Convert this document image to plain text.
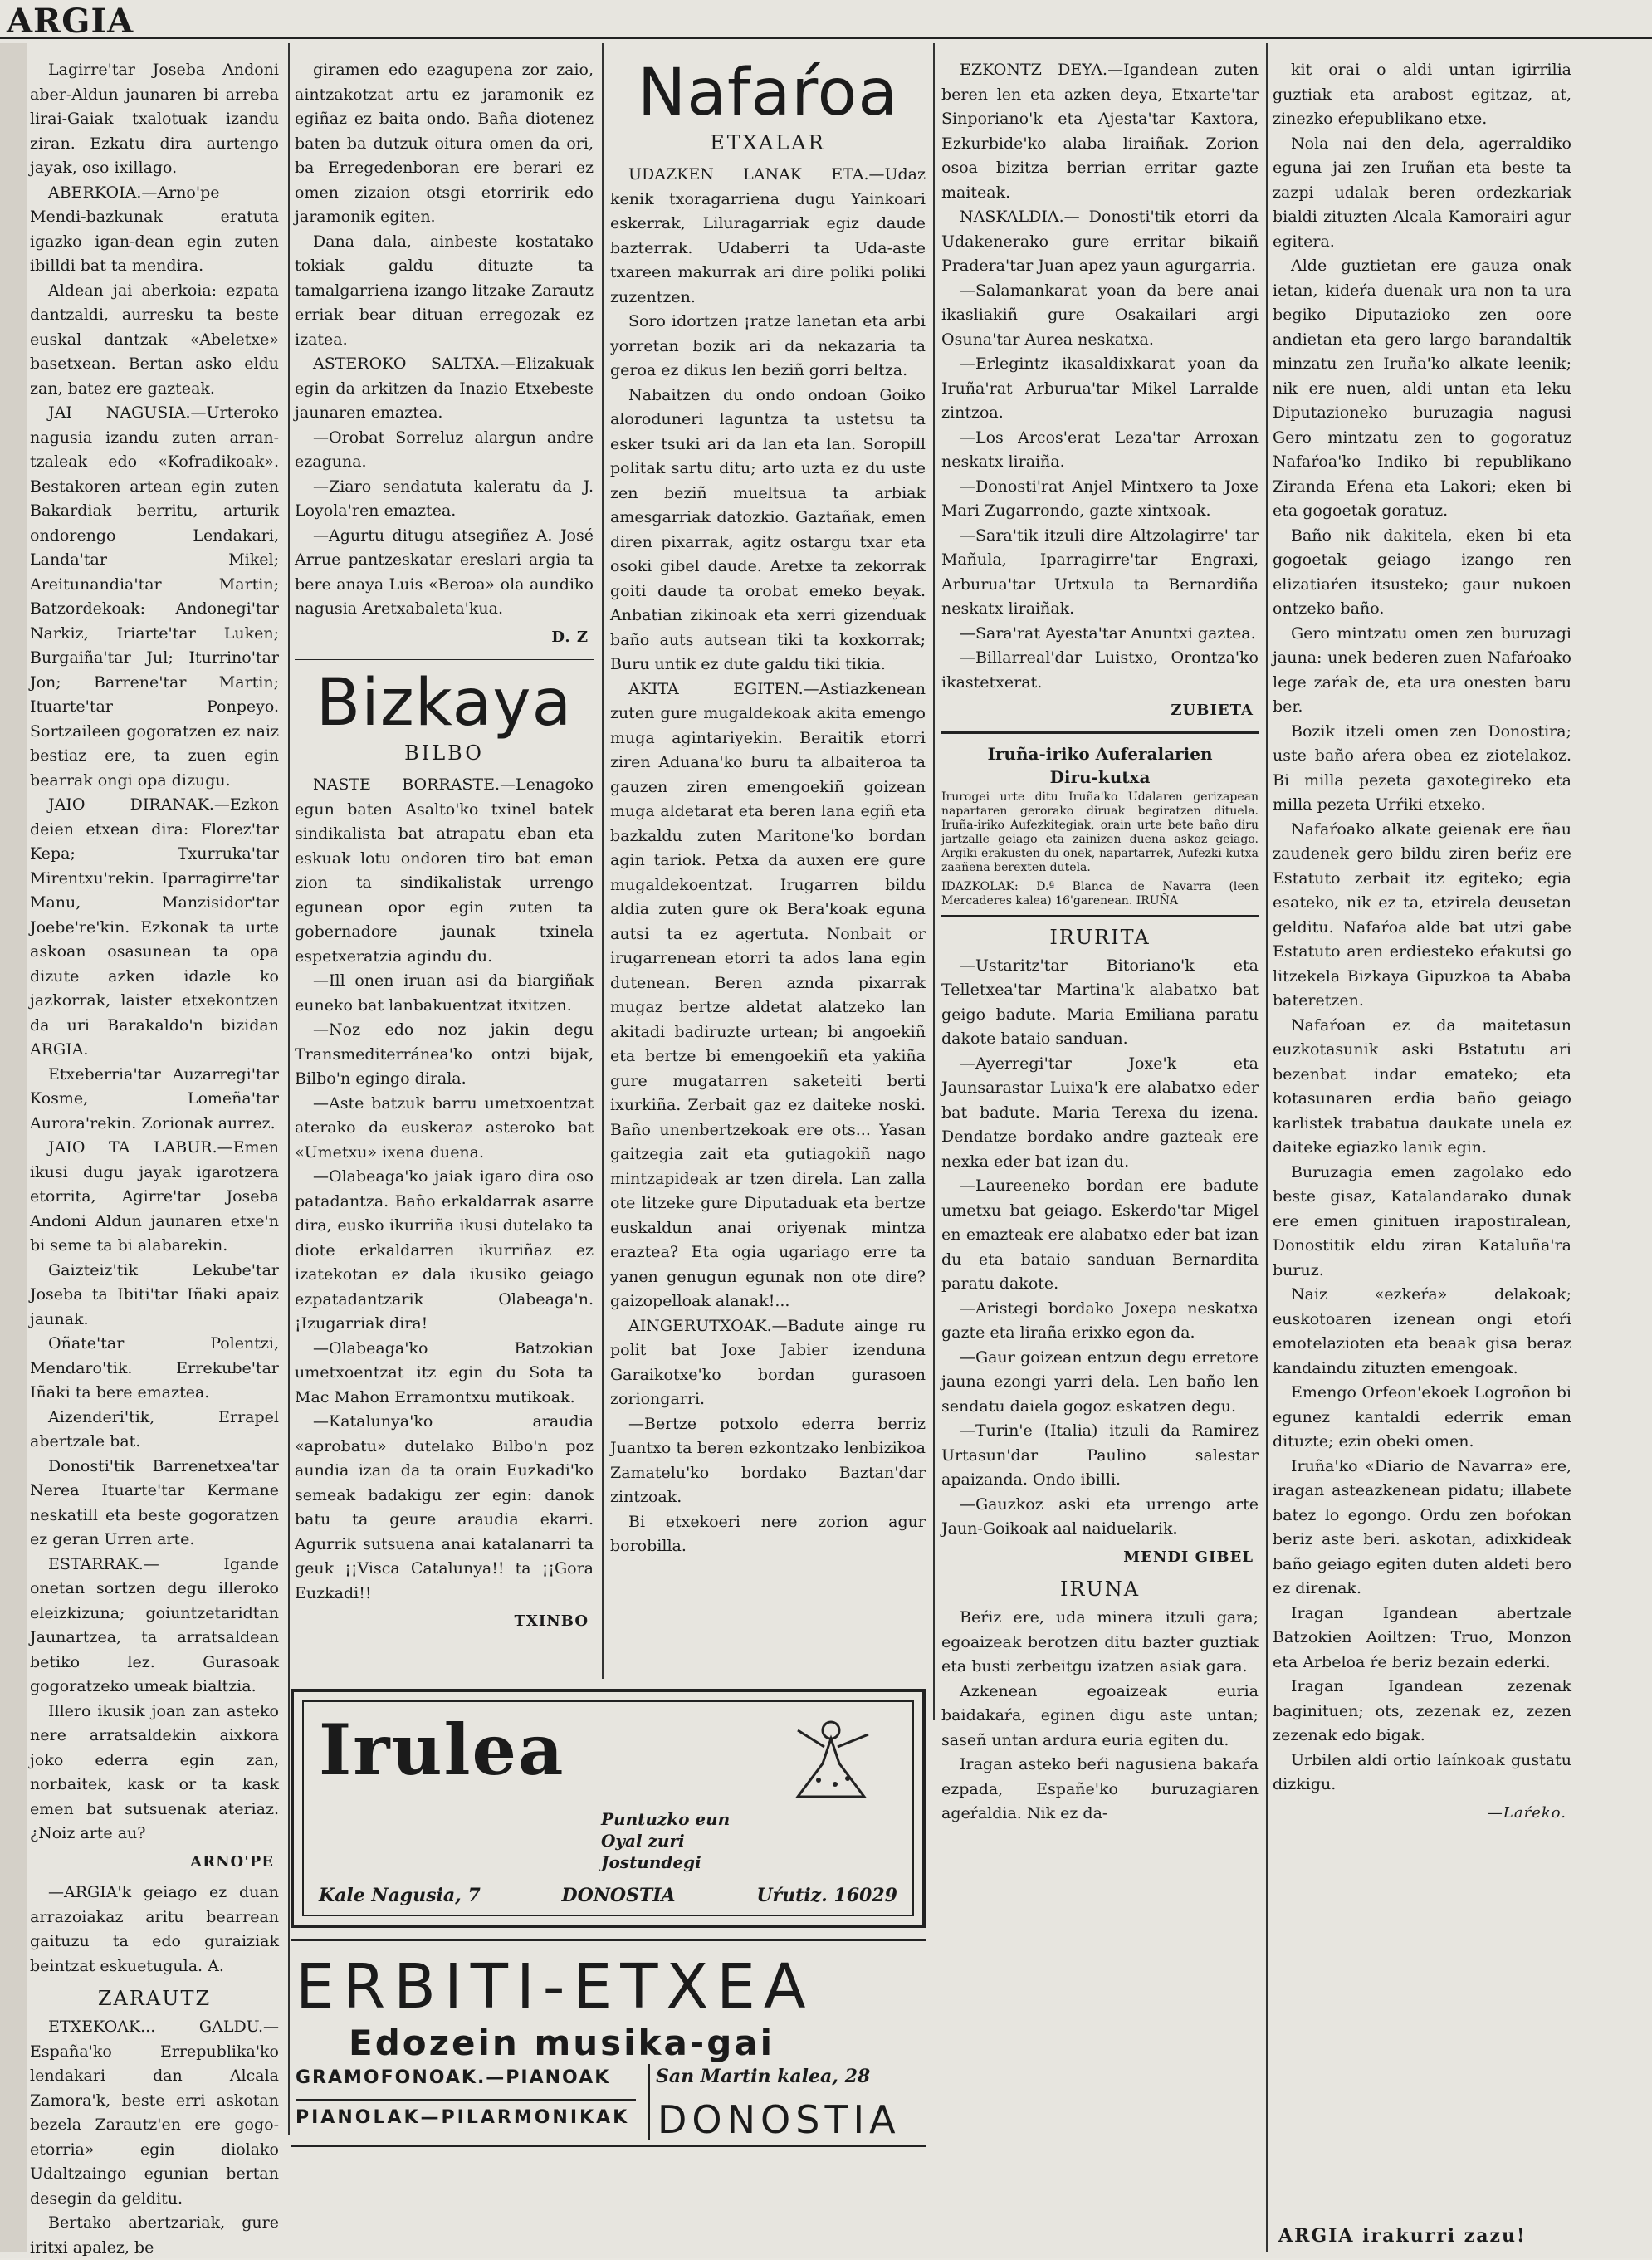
ARGIA

Lagirre'tar Joseba Andoni aber-Aldun jaunaren bi arreba lirai-Gaiak txalotuak izandu ziran. Ezkatu dira aurtengo jayak, oso ixillago.

ABERKOIA.—Arno'pe Mendi-bazkunak eratuta igazko igan-dean egin zuten ibilldi bat ta mendira.

Aldean jai aberkoia: ezpata dantzaldi, aurresku ta beste euskal dantzak «Abeletxe» basetxean. Bertan asko eldu zan, batez ere gazteak.

JAI NAGUSIA.—Urteroko nagusia izandu zuten arran-tzaleak edo «Kofradikoak». Bestakoren artean egin zuten Bakardiak berritu, arturik ondorengo Lendakari, Landa'tar Mikel; Areitunandia'tar Martin; Batzordekoak: Andonegi'tar Narkiz, Iriarte'tar Luken; Burgaiña'tar Jul; Iturrino'tar Jon; Barrene'tar Martin; Ituarte'tar Ponpeyo. Sortzaileen gogoratzen ez naiz bestiaz ere, ta zuen egin bearrak ongi opa dizugu.

JAIO DIRANAK.—Ezkon deien etxean dira: Florez'tar Kepa; Txurruka'tar Mirentxu'rekin. Iparragirre'tar Manu, Manzisidor'tar Joebe're'kin. Ezkonak ta urte askoan osasunean ta opa dizute azken idazle ko jazkorrak, laister etxekontzen da uri Barakaldo'n bizidan ARGIA.

Etxeberria'tar Auzarregi'tar Kosme, Lomeña'tar Aurora'rekin. Zorionak aurrez.

JAIO TA LABUR.—Emen ikusi dugu jayak igarotzera etorrita, Agirre'tar Joseba Andoni Aldun jaunaren etxe'n bi seme ta bi alabarekin.

Gaizteiz'tik Lekube'tar Joseba ta Ibiti'tar Iñaki apaiz jaunak.

Oñate'tar Polentzi, Mendaro'tik. Errekube'tar Iñaki ta bere emaztea.

Aizenderi'tik, Errapel abertzale bat.

Donosti'tik Barrenetxea'tar Nerea Ituarte'tar Kermane neskatill eta beste gogoratzen ez geran Urren arte.

ESTARRAK.— Igande onetan sortzen degu illeroko eleizkizuna; goiuntzetaridtan Jaunartzea, ta arratsaldean betiko lez. Gurasoak gogoratzeko umeak bialtzia.

Illero ikusik joan zan asteko nere arratsaldekin aixkora joko ederra egin zan, norbaitek, kask or ta kask emen bat sutsuenak ateriaz. ¿Noiz arte au?

ARNO'PE

—ARGIA'k geiago ez duan arrazoiakaz aritu bearrean gaituzu ta edo guraiziak beintzat eskuetugula. A.

ZARAUTZ

ETXEKOAK... GALDU.— España'ko Errepublika'ko lendakari dan Alcala Zamora'k, beste erri askotan bezela Zarautz'en ere gogo-etorria» egin diolako Udaltzaingo egunian bertan desegin da gelditu.

Bertako abertzariak, gure iritxi apalez, be

giramen edo ezagupena zor zaio, aintzakotzat artu ez jaramonik ez egiñaz ez baita ondo. Baña diotenez baten ba dutzuk oitura omen da ori, ba Erregedenboran ere berari ez omen zizaion otsgi etorririk edo jaramonik egiten.

Dana dala, ainbeste kostatako tokiak galdu dituzte ta tamalgarriena izango litzake Zarautz erriak bear dituan erregozak ez izatea.

ASTEROKO SALTXA.—Elizakuak egin da arkitzen da Inazio Etxebeste jaunaren emaztea.

—Orobat Sorreluz alargun andre ezaguna.

—Ziaro sendatuta kaleratu da J. Loyola'ren emaztea.

—Agurtu ditugu atsegiñez A. José Arrue pantzeskatar ereslari argia ta bere anaya Luis «Beroa» ola aundiko nagusia Aretxabaleta'kua.

D. Z

Bizkaya
BILBO

NASTE BORRASTE.—Lenagoko egun baten Asalto'ko txinel batek sindikalista bat atrapatu eban eta eskuak lotu ondoren tiro bat eman zion ta sindikalistak urrengo egunean opor egin zuten ta gobernadore jaunak txinela espetxeratzia agindu du.

—Ill onen iruan asi da biargiñak euneko bat lanbakuentzat itxitzen.

—Noz edo noz jakin degu Transmediterránea'ko ontzi bijak, Bilbo'n egingo dirala.

—Aste batzuk barru umetxoentzat aterako da euskeraz asteroko bat «Umetxu» ixena duena.

—Olabeaga'ko jaiak igaro dira oso patadantza. Baño erkaldarrak asarre dira, eusko ikurriña ikusi dutelako ta diote erkaldarren ikurriñaz ez izatekotan ez dala ikusiko geiago ezpatadantzarik Olabeaga'n. ¡Izugarriak dira!

—Olabeaga'ko Batzokian umetxoentzat itz egin du Sota ta Mac Mahon Erramontxu mutikoak.

—Katalunya'ko araudia «aprobatu» dutelako Bilbo'n poz aundia izan da ta orain Euzkadi'ko semeak badakigu zer egin: danok batu ta geure araudia ekarri. Agurrik sutsuena anai katalanarri ta geuk ¡¡Visca Catalunya!! ta ¡¡Gora Euzkadi!!

TXINBO

Nafaŕoa
ETXALAR

UDAZKEN LANAK ETA.—Udaz kenik txoragarriena dugu Yainkoari eskerrak, Liluragarriak egiz daude bazterrak. Udaberri ta Uda-aste txareen makurrak ari dire poliki poliki zuzentzen.

Soro idortzen ¡ratze lanetan eta arbi yorretan bozik ari da nekazaria ta geroa ez dikus len beziñ gorri beltza.

Nabaitzen du ondo ondoan Goiko aloroduneri laguntza ta ustetsu ta esker tsuki ari da lan eta lan. Soropill politak sartu ditu; arto uzta ez du uste zen beziñ mueltsua ta arbiak amesgarriak datozkio. Gaztañak, emen diren pixarrak, agitz ostargu txar eta osoki gibel daude. Aretxe ta zekorrak goiti daude ta orobat emeko beyak. Anbatian zikinoak eta xerri gizenduak baño auts autsean tiki ta koxkorrak; Buru untik ez dute galdu tiki tikia.

AKITA EGITEN.—Astiazkenean zuten gure mugaldekoak akita emengo muga agintariyekin. Beraitik etorri ziren Aduana'ko buru ta albaiteroa ta gauzen ziren emengoekiñ goizean muga aldetarat eta beren lana egiñ eta bazkaldu zuten Maritone'ko bordan agin tariok. Petxa da auxen ere gure mugaldekoentzat. Irugarren bildu aldia zuten gure ok Bera'koak eguna autsi ta ez agertuta. Nonbait or irugarrenean etorri ta ados lana egin dutenean. Beren aznda pixarrak mugaz bertze aldetat alatzeko lan akitadi badiruzte urtean; bi angoekiñ eta bertze bi emengoekiñ eta yakiña gure mugatarren saketeiti berti ixurkiña. Zerbait gaz ez daiteke noski. Baño unenbertzekoak ere ots... Yasan gaitzegia zait eta gutiagokiñ nago mintzapideak ar tzen direla. Lan zalla ote litzeke gure Diputaduak eta bertze euskaldun anai oriyenak mintza eraztea? Eta ogia ugariago erre ta yanen genugun egunak non ote dire? gaizopelloak alanak!...

AINGERUTXOAK.—Badute ainge ru polit bat Joxe Jabier izenduna Garaikotxe'ko bordan gurasoen zoriongarri.

—Bertze potxolo ederra berriz Juantxo ta beren ezkontzako lenbizikoa Zamatelu'ko bordako Baztan'dar zintzoak.

Bi etxekoeri nere zorion agur borobilla.

EZKONTZ DEYA.—Igandean zuten beren len eta azken deya, Etxarte'tar Sinporiano'k eta Ajesta'tar Kaxtora, Ezkurbide'ko alaba liraiñak. Zorion osoa bizitza berrian erritar gazte maiteak.

NASKALDIA.— Donosti'tik etorri da Udakenerako gure erritar bikaiñ Pradera'tar Juan apez yaun agurgarria.

—Salamankarat yoan da bere anai ikasliakiñ gure Osakailari argi Osuna'tar Aurea neskatxa.

—Erlegintz ikasaldixkarat yoan da Iruña'rat Arburua'tar Mikel Larralde zintzoa.

—Los Arcos'erat Leza'tar Arroxan neskatx liraiña.

—Donosti'rat Anjel Mintxero ta Joxe Mari Zugarrondo, gazte xintxoak.

—Sara'tik itzuli dire Altzolagirre' tar Mañula, Iparragirre'tar Engraxi, Arburua'tar Urtxula ta Bernardiña neskatx liraiñak.

—Sara'rat Ayesta'tar Anuntxi gaztea.

—Billarreal'dar Luistxo, Orontza'ko ikastetxerat.

ZUBIETA

Iruña-iriko Auferalarien
Diru-kutxa

Irurogei urte ditu Iruña'ko Udalaren gerizapean napartaren gerorako diruak begiratzen dituela. Iruña-iriko Aufezkitegiak, orain urte bete baño diru jartzalle geiago eta zainizen duena askoz geiago. Argiki erakusten du onek, napartarrek, Aufezki-kutxa zaañena berexten dutela.

IDAZKOLAK: D.ª Blanca de Navarra (leen Mercaderes kalea) 16'garenean. IRUÑA

IRURITA

—Ustaritz'tar Bitoriano'k eta Telletxea'tar Martina'k alabatxo bat geigo badute. Maria Emiliana paratu dakote bataio sanduan.

—Ayerregi'tar Joxe'k eta Jaunsarastar Luixa'k ere alabatxo eder bat badute. Maria Terexa du izena. Dendatze bordako andre gazteak ere nexka eder bat izan du.

—Laureeneko bordan ere badute umetxu bat geiago. Eskerdo'tar Migel en emazteak ere alabatxo eder bat izan du eta bataio sanduan Bernardita paratu dakote.

—Aristegi bordako Joxepa neskatxa gazte eta liraña erixko egon da.

—Gaur goizean entzun degu erretore jauna ezongi yarri dela. Len baño len sendatu daiela gogoz eskatzen degu.

—Turin'e (Italia) itzuli da Ramirez Urtasun'dar Paulino salestar apaizanda. Ondo ibilli.

—Gauzkoz aski eta urrengo arte Jaun-Goikoak aal naiduelarik.

MENDI GIBEL

IRUNA

Beŕiz ere, uda minera itzuli gara; egoaizeak berotzen ditu bazter guztiak eta busti zerbeitgu izatzen asiak gara.

Azkenean egoaizeak euria baidakaŕa, eginen digu aste untan; saseñ untan ardura euria egiten du.

Iragan asteko beŕi nagusiena bakaŕa ezpada, Españe'ko buruzagiaren ageŕaldia. Nik ez da-

kit orai o aldi untan igirrilia guztiak eta arabost egitzaz, at, zinezko eŕepublikano etxe.

Nola nai den dela, agerraldiko eguna jai zen Iruñan eta beste ta zazpi udalak beren ordezkariak bialdi zituzten Alcala Kamorairi agur egitera.

Alde guztietan ere gauza onak ietan, kideŕa duenak ura non ta ura begiko Diputazioko zen oore andietan eta gero largo barandaltik minzatu zen Iruña'ko alkate leenik; nik ere nuen, aldi untan eta leku Diputazioneko buruzagia nagusi Gero mintzatu zen to gogoratuz Nafaŕoa'ko Indiko bi republikano Ziranda Eŕena eta Lakori; eken bi eta gogoetak goratuz.

Baño nik dakitela, eken bi eta gogoetak geiago izango ren elizatiaŕen itsusteko; gaur nukoen ontzeko baño.

Gero mintzatu omen zen buruzagi jauna: unek bederen zuen Nafaŕoako lege zaŕak de, eta ura onesten baru ber.

Bozik itzeli omen zen Donostira; uste baño aŕera obea ez ziotelakoz. Bi milla pezeta gaxotegireko eta milla pezeta Urŕiki etxeko.

Nafaŕoako alkate geienak ere ñau zaudenek gero bildu ziren beŕiz ere Estatuto zerbait itz egiteko; egia esateko, nik ez ta, etzirela deusetan gelditu. Nafaŕoa alde bat utzi gabe Estatuto aren erdiesteko eŕakutsi go litzekela Bizkaya Gipuzkoa ta Ababa bateretzen.

Nafaŕoan ez da maitetasun euzkotasunik aski Bstatutu ari bezenbat indar emateko; eta kotasunaren erdia baño geiago karlistek trabatua daukate unela ez daiteke egiazko lanik egin.

Buruzagia emen zagolako edo beste gisaz, Katalandarako dunak ere emen ginituen irapostiralean, Donostitik eldu ziran Kataluña'ra buruz.

Naiz «ezkeŕa» delakoak; euskotoaren izenean ongi etoŕi emotelazioten eta beaak gisa beraz kandaindu zituzten emengoak.

Emengo Orfeon'ekoek Logroñon bi egunez kantaldi ederrik eman dituzte; ezin obeki omen.

Iruña'ko «Diario de Navarra» ere, iragan asteazkenean pidatu; illabete batez lo egongo. Ordu zen boŕokan beriz aste beri. askotan, adixkideak baño geiago egiten duten aldeti bero ez direnak.

Iragan Igandean abertzale Batzokien Aoiltzen: Truo, Monzon eta Arbeloa ŕe beriz bezain ederki.

Iragan Igandean zezenak baginituen; ots, zezenak ez, zezen zezenak edo bigak.

Urbilen aldi ortio laínkoak gustatu dizkigu.

—Laŕeko.

ARGIA irakurri zazu!
Irulea
Puntuzko eun
Oyal zuri
Jostundegi
Kale Nagusia, 7	DONOSTIA	Uŕutiz. 16029
ERBITI-ETXEA
Edozein musika-gai
GRAMOFONOAK.—PIANOAK
PIANOLAK—PILARMONIKAK
San Martin kalea, 28
DONOSTIA
